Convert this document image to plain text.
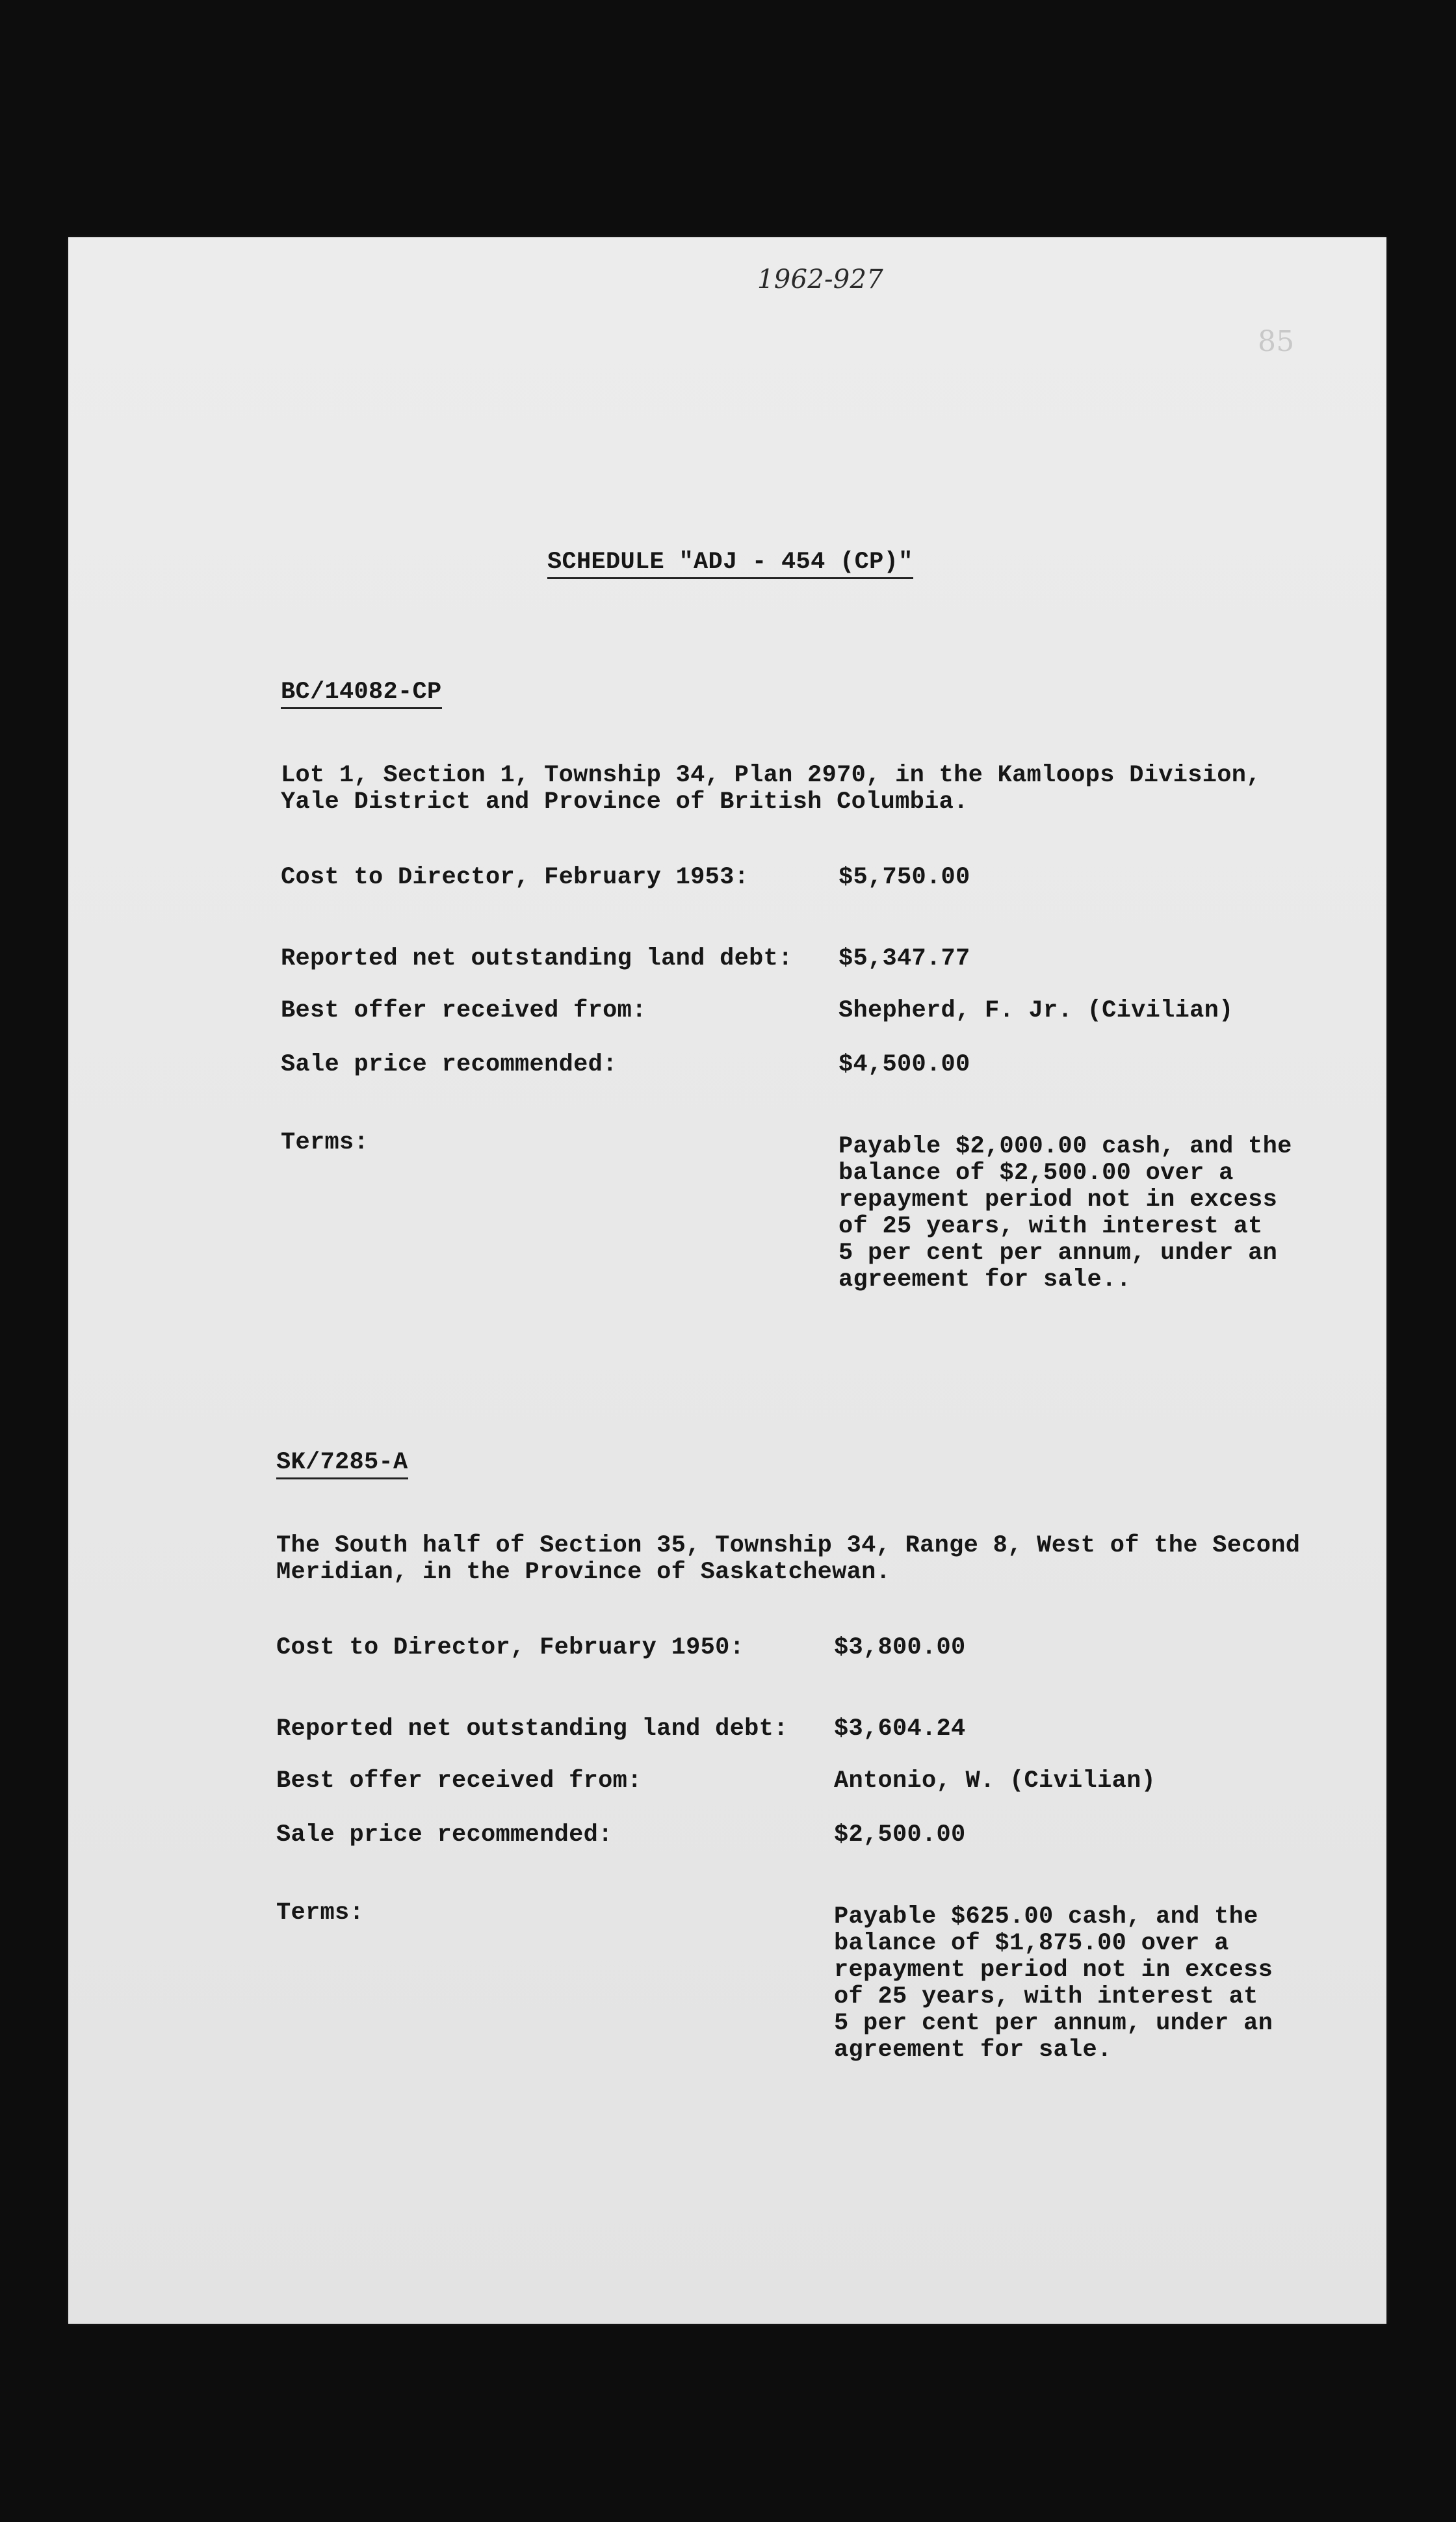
1962-927
85
SCHEDULE "ADJ - 454 (CP)"
BC/14082-CP
Lot 1, Section 1, Township 34, Plan 2970, in the Kamloops Division,
Yale District and Province of British Columbia.
Cost to Director, February 1953:	$5,750.00
Reported net outstanding land debt: $5,347.77
Best offer received from:	Shepherd, F. Jr. (Civilian)
Sale price recommended:	$4,500.00
Terms:	Payable $2,000.00 cash, and the
balance of $2,500.00 over a
repayment period not in excess
of 25 years, with interest at
5 per cent per annum, under an
agreement for sale..
SK/7285-A
The South half of Section 35, Township 34, Range 8, West of the Second
Meridian, in the Province of Saskatchewan.
Cost to Director, February 1950:	$3,800.00
Reported net outstanding land debt: $3,604.24
Best offer received from:	Antonio, W. (Civilian)
Sale price recommended:	$2,500.00
Terms:	Payable $625.00 cash, and the
balance of $1,875.00 over a
repayment period not in excess
of 25 years, with interest at
5 per cent per annum, under an
agreement for sale.
